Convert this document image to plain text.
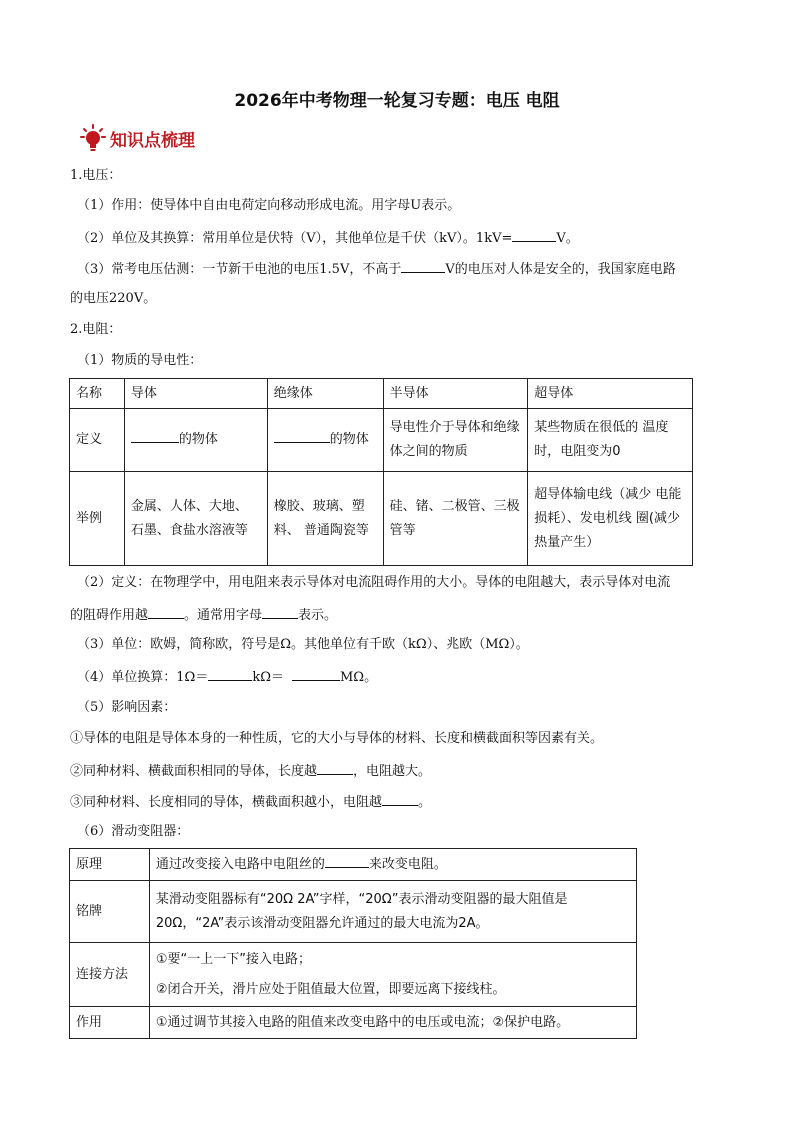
2026年中考物理一轮复习专题：电压 电阻
知识点梳理
1.电压：
（1）作用：使导体中自由电荷定向移动形成电流。用字母U表示。
（2）单位及其换算：常用单位是伏特（V），其他单位是千伏（kV）。1kV=	V。
（3）常考电压估测：一节新干电池的电压1.5V，不高于	V的电压对人体是安全的，我国家庭电路
的电压220V。
2.电阻：
（1）物质的导电性：
名称	导体	绝缘体	半导体	超导体
定义	的物体	的物体	导电性介于导体和绝缘体之间的物质	某些物质在很低的 温度时，电阻变为0
举例	金属、人体、大地、石墨、食盐水溶液等	橡胶、玻璃、塑料、 普通陶瓷等	硅、锗、二极管、三极管等	超导体输电线（减少 电能损耗）、发电机线 圈(减少热量产生）
（2）定义：在物理学中，用电阻来表示导体对电流阻碍作用的大小。导体的电阻越大，表示导体对电流
的阻碍作用越	。通常用字母	表示。
（3）单位：欧姆，简称欧，符号是Ω。其他单位有千欧（kΩ）、兆欧（MΩ）。
（4）单位换算：1Ω＝	kΩ＝	MΩ。
（5）影响因素：
①导体的电阻是导体本身的一种性质，它的大小与导体的材料、长度和横截面积等因素有关。
②同种材料、横截面积相同的导体，长度越	，电阻越大。
③同种材料、长度相同的导体，横截面积越小，电阻越	。
（6）滑动变阻器：
原理	通过改变接入电路中电阻丝的 来改变电阻。
铭牌	某滑动变阻器标有“20Ω 2A”字样，“20Ω”表示滑动变阻器的最大阻值是20Ω，“2A”表示该滑动变阻器允许通过的最大电流为2A。
连接方法	①要“一上一下”接入电路；
②闭合开关，滑片应处于阻值最大位置，即要远离下接线柱。

作用	①通过调节其接入电路的阻值来改变电路中的电压或电流；②保护电路。
